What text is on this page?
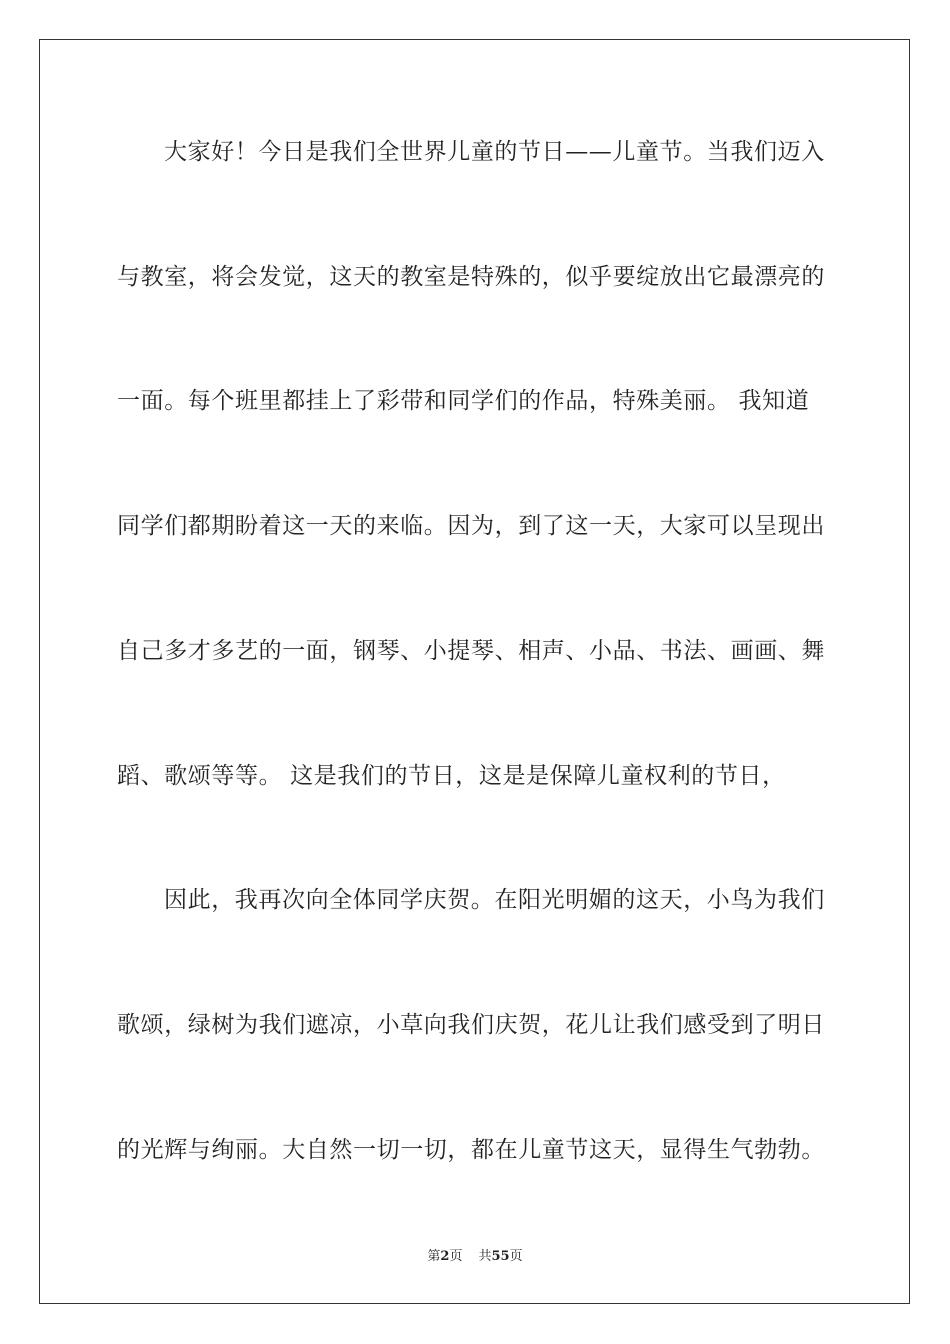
大家好！今日是我们全世界儿童的节日——儿童节。当我们迈入
与教室，将会发觉，这天的教室是特殊的，似乎要绽放出它最漂亮的
一面。每个班里都挂上了彩带和同学们的作品，特殊美丽。 我知道
同学们都期盼着这一天的来临。因为，到了这一天，大家可以呈现出
自己多才多艺的一面，钢琴、小提琴、相声、小品、书法、画画、舞
蹈、歌颂等等。 这是我们的节日，这是是保障儿童权利的节日，
因此，我再次向全体同学庆贺。在阳光明媚的这天，小鸟为我们
歌颂，绿树为我们遮凉，小草向我们庆贺，花儿让我们感受到了明日
的光辉与绚丽。大自然一切一切，都在儿童节这天，显得生气勃勃。
第2页 共55页
